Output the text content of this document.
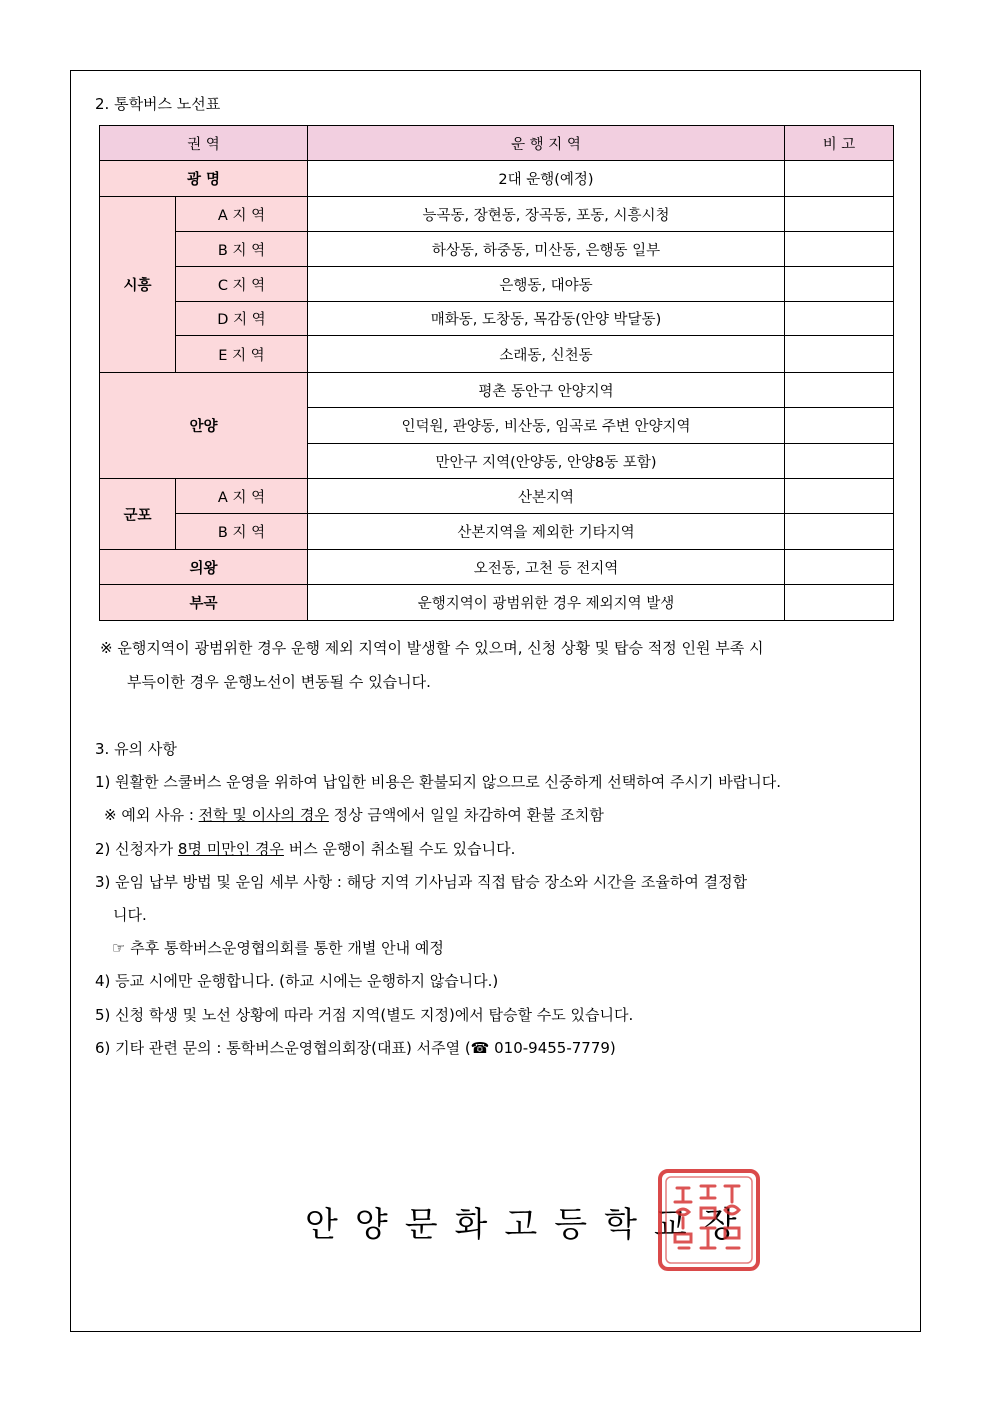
2. 통학버스 노선표
권 역		운 행 지 역	비 고
광 명		2대 운행(예정)	
시흥	A 지 역	능곡동, 장현동, 장곡동, 포동, 시흥시청	
	B 지 역	하상동, 하중동, 미산동, 은행동 일부	
	C 지 역	은행동, 대야동	
	D 지 역	매화동, 도창동, 목감동(안양 박달동)	
	E 지 역	소래동, 신천동	
안양		평촌 동안구 안양지역	
		인덕원, 관양동, 비산동, 임곡로 주변 안양지역	
		만안구 지역(안양동, 안양8동 포함)	
군포	A 지 역	산본지역	
	B 지 역	산본지역을 제외한 기타지역	
의왕		오전동, 고천 등 전지역	
부곡		운행지역이 광범위한 경우 제외지역 발생	
※ 운행지역이 광범위한 경우 운행 제외 지역이 발생할 수 있으며, 신청 상황 및 탑승 적정 인원 부족 시
부득이한 경우 운행노선이 변동될 수 있습니다.
3. 유의 사항
1) 원활한 스쿨버스 운영을 위하여 납입한 비용은 환불되지 않으므로 신중하게 선택하여 주시기 바랍니다.
※ 예외 사유 : 전학 및 이사의 경우 정상 금액에서 일일 차감하여 환불 조치함
2) 신청자가 8명 미만인 경우 버스 운행이 취소될 수도 있습니다.
3) 운임 납부 방법 및 운임 세부 사항 : 해당 지역 기사님과 직접 탑승 장소와 시간을 조율하여 결정합
니다.
☞ 추후 통학버스운영협의회를 통한 개별 안내 예정
4) 등교 시에만 운행합니다. (하교 시에는 운행하지 않습니다.)
5) 신청 학생 및 노선 상황에 따라 거점 지역(별도 지정)에서 탑승할 수도 있습니다.
6) 기타 관련 문의 : 통학버스운영협의회장(대표) 서주열 (☎ 010-9455-7779)
안양문화고등학교장
